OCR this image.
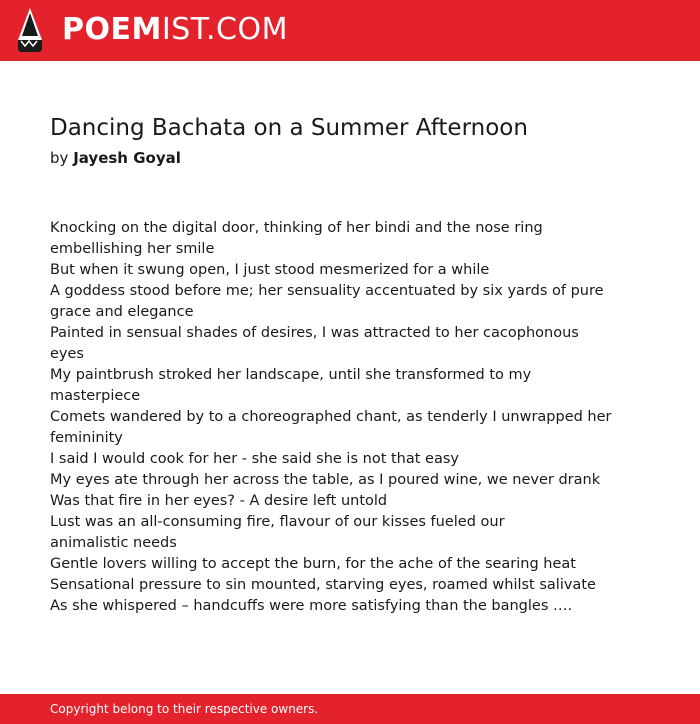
POEMIST.COM
Dancing Bachata on a Summer Afternoon
by Jayesh Goyal
Knocking on the digital door, thinking of her bindi and the nose ring
embellishing her smile
But when it swung open, I just stood mesmerized for a while
A goddess stood before me; her sensuality accentuated by six yards of pure
grace and elegance
Painted in sensual shades of desires, I was attracted to her cacophonous
eyes
My paintbrush stroked her landscape, until she transformed to my
masterpiece
Comets wandered by to a choreographed chant, as tenderly I unwrapped her
femininity
I said I would cook for her - she said she is not that easy
My eyes ate through her across the table, as I poured wine, we never drank
Was that fire in her eyes? - A desire left untold
Lust was an all-consuming fire, flavour of our kisses fueled our
animalistic needs
Gentle lovers willing to accept the burn, for the ache of the searing heat
Sensational pressure to sin mounted, starving eyes, roamed whilst salivate
As she whispered – handcuffs were more satisfying than the bangles ….
Copyright belong to their respective owners.
